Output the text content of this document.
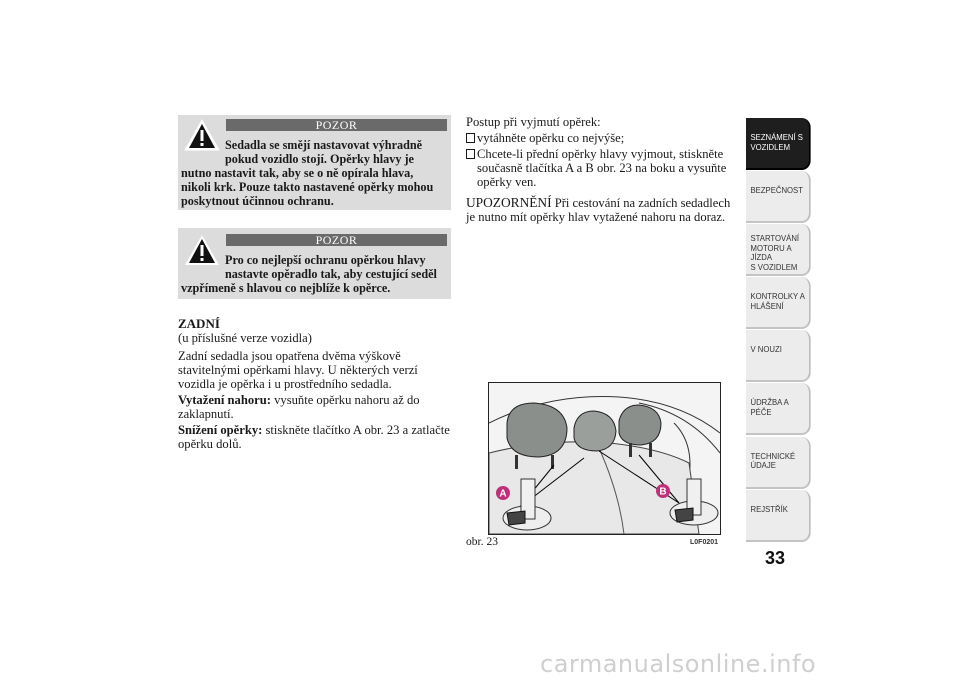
POZOR
Sedadla se smějí nastavovat výhradně
pokud vozidlo stojí. Opěrky hlavy je
nutno nastavit tak, aby se o ně opírala hlava,
nikoli krk. Pouze takto nastavené opěrky mohou
poskytnout účinnou ochranu.
POZOR
Pro co nejlepší ochranu opěrkou hlavy
nastavte opěradlo tak, aby cestující seděl
vzpřímeně s hlavou co nejblíže k opěrce.
ZADNÍ
(u příslušné verze vozidla)
Zadní sedadla jsou opatřena dvěma výškově
stavitelnými opěrkami hlavy. U některých verzí
vozidla je opěrka i u prostředního sedadla.
Vytažení nahoru: vysuňte opěrku nahoru až do
zaklapnutí.
Snížení opěrky: stiskněte tlačítko A obr. 23 a zatlačte
opěrku dolů.
Postup při vyjmutí opěrek:
vytáhněte opěrku co nejvýše;
Chcete-li přední opěrky hlavy vyjmout, stiskněte
současně tlačítka A a B obr. 23 na boku a vysuňte
opěrky ven.
UPOZORNĚNÍ Při cestování na zadních sedadlech
je nutno mít opěrky hlav vytažené nahoru na doraz.
A	B
obr. 23	L0F0201
SEZNÁMENÍ S
VOZIDLEM
BEZPEČNOST
STARTOVÁNÍ
MOTORU A JÍZDA
S VOZIDLEM
KONTROLKY A
HLÁŠENÍ
V NOUZI
ÚDRŽBA A PÉČE
TECHNICKÉ
ÚDAJE
REJSTŘÍK
33
carmanualsonline.info
